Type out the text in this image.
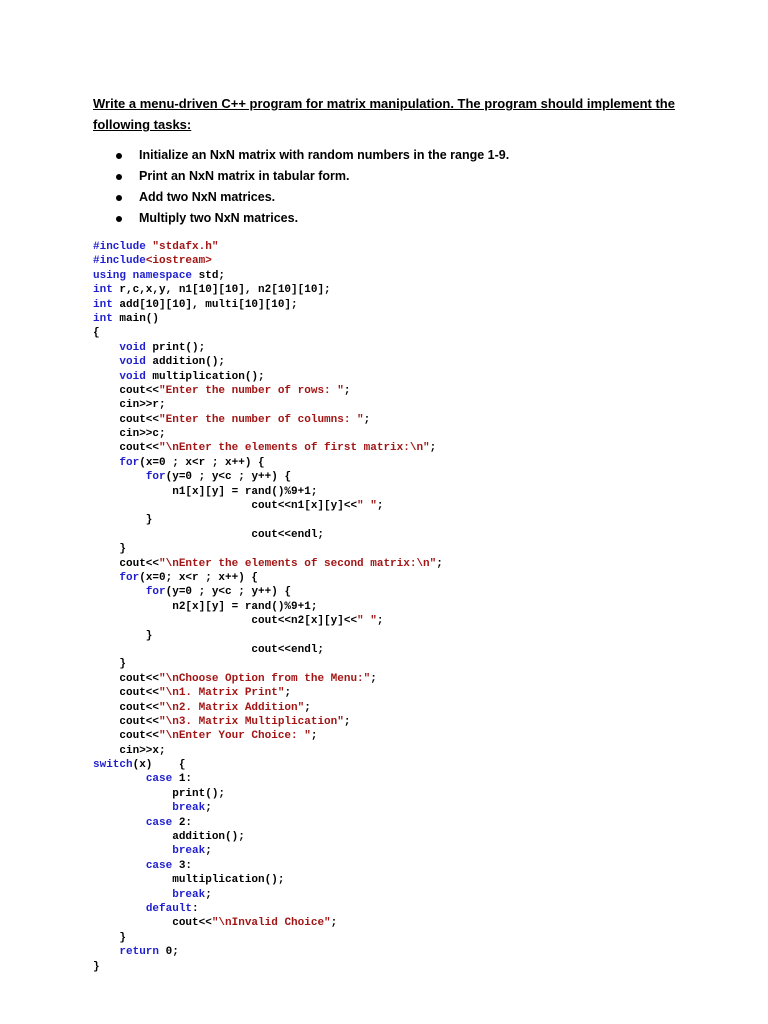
Write a menu-driven C++ program for matrix manipulation. The program should implement the
following tasks:
Initialize an NxN matrix with random numbers in the range 1-9.
Print an NxN matrix in tabular form.
Add two NxN matrices.
Multiply two NxN matrices.
#include "stdafx.h"
#include<iostream>
using namespace std;
int r,c,x,y, n1[10][10], n2[10][10];
int add[10][10], multi[10][10];
int main()
{
void print();
void addition();
void multiplication();
cout<<"Enter the number of rows: ";
cin>>r;
cout<<"Enter the number of columns: ";
cin>>c;
cout<<"\nEnter the elements of first matrix:\n";
for(x=0 ; x<r ; x++) {
for(y=0 ; y<c ; y++) {
n1[x][y] = rand()%9+1;
cout<<n1[x][y]<<" ";
}
cout<<endl;
}
cout<<"\nEnter the elements of second matrix:\n";
for(x=0; x<r ; x++) {
for(y=0 ; y<c ; y++) {
n2[x][y] = rand()%9+1;
cout<<n2[x][y]<<" ";
}
cout<<endl;
}
cout<<"\nChoose Option from the Menu:";
cout<<"\n1. Matrix Print";
cout<<"\n2. Matrix Addition";
cout<<"\n3. Matrix Multiplication";
cout<<"\nEnter Your Choice: ";
cin>>x;
switch(x)    {
case 1:
print();
break;
case 2:
addition();
break;
case 3:
multiplication();
break;
default:
cout<<"\nInvalid Choice";
}
return 0;
}
